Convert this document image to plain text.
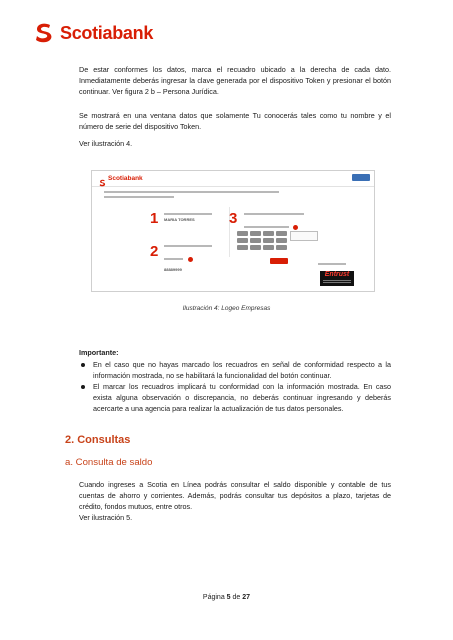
Scotiabank
De estar conformes los datos, marca el recuadro ubicado a la derecha de cada dato. Inmediatamente deberás ingresar la clave generada por el dispositivo Token y presionar el botón continuar. Ver figura 2 b – Persona Jurídica.
Se mostrará en una ventana datos que solamente Tu conocerás tales como tu nombre y el número de serie del dispositivo Token.
Ver ilustración 4.
Scotiabank
1 MARIA TORRES
2

88889999
3

Entrust
Ilustración 4: Logeo Empresas
Importante:
En el caso que no hayas marcado los recuadros en señal de conformidad respecto a la información mostrada, no se habilitará la funcionalidad del botón continuar.
El marcar los recuadros implicará tu conformidad con la información mostrada. En caso exista alguna observación o discrepancia, no deberás continuar ingresando y deberás acercarte a una agencia para realizar la actualización de tus datos personales.
2. Consultas
a. Consulta de saldo
Cuando ingreses a Scotia en Línea podrás consultar el saldo disponible y contable de tus cuentas de ahorro y corrientes. Además, podrás consultar tus depósitos a plazo, tarjetas de crédito, fondos mutuos, entre otros.
Ver ilustración 5.
Página 5 de 27
